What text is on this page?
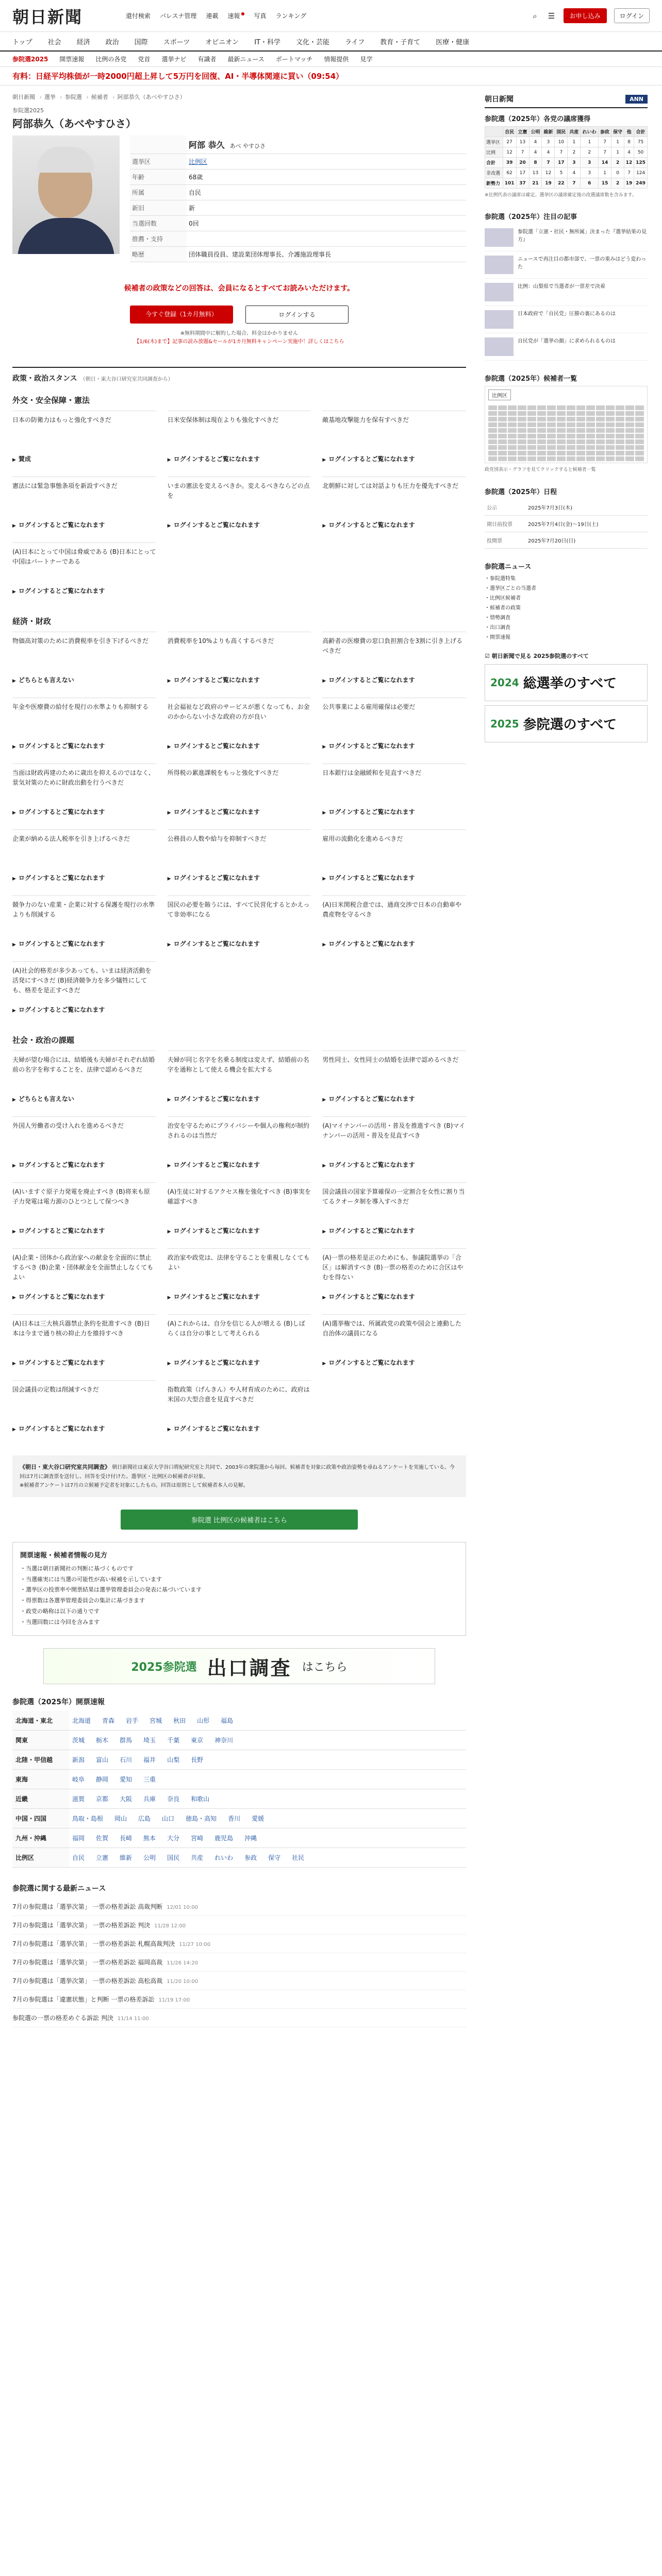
朝日新聞	還付検索 パレスナ管理 連載 速報 ●	写真 ランキング	⌕	☰	お申し込み	ログイン
トップ 社会 経済 政治 国際 スポーツ オピニオン IT・科学 文化・芸能 ライフ 教育・子育て 医療・健康
参院選2025 開票速報 比例の各党 党首 選挙ナビ 有識者 最新ニュース ボートマッチ 情報提供 見学
有料：日経平均株価が一時2000円超上昇して5万円を回復、AI・半導体関連に買い（09:54）
朝日新聞 › 選挙 › 参院選 › 候補者 › 阿部恭久（あべやすひさ）
参院選2025
阿部恭久（あべやすひさ）
	阿部 恭久 あべ やすひさ
選挙区	比例区
年齢	68歳
所属	自民
新旧	新
当選回数	0回
推薦・支持	
略歴	団体職員役員、建設業団体理事長、介護施設理事長
候補者の政策などの回答は、会員になるとすべてお読みいただけます。
今すぐ登録（1カ月無料）	ログインする
※無料期間中に解約した場合、料金はかかりません
【1/6(木)まで】記事の読み放題&セールが1カ月無料キャンペーン実施中！詳しくはこちら
政策・政治スタンス （朝日・東大谷口研究室共同調査から）
外交・安全保障・憲法
日本の防衛力はもっと強化すべきだ
▶ 賛成
日米安保体制は現在よりも強化すべきだ
▶ ログインするとご覧になれます
敵基地攻撃能力を保有すべきだ
▶ ログインするとご覧になれます
憲法には緊急事態条項を新設すべきだ
▶ ログインするとご覧になれます
いまの憲法を変えるべきか。変えるべきならどの点を
▶ ログインするとご覧になれます
北朝鮮に対しては対話よりも圧力を優先すべきだ
▶ ログインするとご覧になれます
(A)日本にとって中国は脅威である (B)日本にとって中国はパートナーである
▶ ログインするとご覧になれます
経済・財政
物価高対策のために消費税率を引き下げるべきだ
▶ どちらとも言えない
消費税率を10%よりも高くするべきだ
▶ ログインするとご覧になれます
高齢者の医療費の窓口負担割合を3割に引き上げるべきだ
▶ ログインするとご覧になれます
年金や医療費の給付を現行の水準よりも抑制する
▶ ログインするとご覧になれます
社会福祉など政府のサービスが悪くなっても、お金のかからない小さな政府の方が良い
▶ ログインするとご覧になれます
公共事業による雇用確保は必要だ
▶ ログインするとご覧になれます
当面は財政再建のために歳出を抑えるのではなく、景気対策のために財政出動を行うべきだ
▶ ログインするとご覧になれます
所得税の累進課税をもっと強化すべきだ
▶ ログインするとご覧になれます
日本銀行は金融緩和を見直すべきだ
▶ ログインするとご覧になれます
企業が納める法人税率を引き上げるべきだ
▶ ログインするとご覧になれます
公務員の人数や給与を抑制すべきだ
▶ ログインするとご覧になれます
雇用の流動化を進めるべきだ
▶ ログインするとご覧になれます
競争力のない産業・企業に対する保護を現行の水準よりも削減する
▶ ログインするとご覧になれます
国民の必要を賄うには、すべて民営化するとかえって非効率になる
▶ ログインするとご覧になれます
(A)日米関税合意では、通商交渉で日本の自動車や農産物を守るべき
▶ ログインするとご覧になれます
(A)社会的格差が多少あっても、いまは経済活動を活発にすべきだ (B)経済競争力を多少犠牲にしても、格差を是正すべきだ
▶ ログインするとご覧になれます
社会・政治の課題
夫婦が望む場合には、結婚後も夫婦がそれぞれ結婚前の名字を称することを、法律で認めるべきだ
▶ どちらとも言えない
夫婦が同じ名字を名乗る制度は変えず、結婚前の名字を通称として使える機会を拡大する
▶ ログインするとご覧になれます
男性同士、女性同士の結婚を法律で認めるべきだ
▶ ログインするとご覧になれます
外国人労働者の受け入れを進めるべきだ
▶ ログインするとご覧になれます
治安を守るためにプライバシーや個人の権利が制約されるのは当然だ
▶ ログインするとご覧になれます
(A)マイナンバーの活用・普及を推進すべき (B)マイナンバーの活用・普及を見直すべき
▶ ログインするとご覧になれます
(A)いますぐ原子力発電を廃止すべき (B)将来も原子力発電は電力源のひとつとして保つべき
▶ ログインするとご覧になれます
(A)生徒に対するアクセス権を強化すべき (B)事実を確認すべき
▶ ログインするとご覧になれます
国会議員の国家予算確保の一定割合を女性に割り当てるクオータ制を導入すべきだ
▶ ログインするとご覧になれます
(A)企業・団体から政治家への献金を全面的に禁止するべき (B)企業・団体献金を全面禁止しなくてもよい
▶ ログインするとご覧になれます
政治家や政党は、法律を守ることを重視しなくてもよい
▶ ログインするとご覧になれます
(A)一票の格差是正のためにも、参議院選挙の「合区」は解消すべき (B)一票の格差のために合区はやむを得ない
▶ ログインするとご覧になれます
(A)日本は三大核兵器禁止条約を批准すべき (B)日本は今まで通り核の抑止力を維持すべき
▶ ログインするとご覧になれます
(A)これからは、自分を信じる人が増える (B)しばらくは自分の事として考えられる
▶ ログインするとご覧になれます
(A)選挙権では、所属政党の政策や国会と連動した自治体の議員になる
▶ ログインするとご覧になれます
国会議員の定数は削減すべきだ
▶ ログインするとご覧になれます
指数政策（げんきん）や人材育成のために、政府は米国の大型合意を見直すべきだ
▶ ログインするとご覧になれます
《朝日・東大谷口研究室共同調査》 朝日新聞社は東京大学谷口将紀研究室と共同で、2003年の衆院選から毎回、候補者を対象に政策や政治姿勢を尋ねるアンケートを実施している。今回は7月に調査票を送付し、回答を受け付けた。選挙区・比例区の候補者が対象。
※候補者アンケートは7月の立候補予定者を対象にしたもの。回答は原則として候補者本人の見解。
参院選 比例区の候補者はこちら
開票速報・候補者情報の見方
・ 当選は朝日新聞社の判断に基づくものです
・ 当選確実には当選の可能性が高い候補を示しています
・ 選挙区の投票率や開票結果は選挙管理委員会の発表に基づいています
・ 得票数は各選挙管理委員会の集計に基づきます
・ 政党の略称は以下の通りです
・ 当選回数には今回を含みます
2025参院選 出口調査 はこちら
参院選（2025年）開票速報
北海道・東北	北海道 青森 岩手 宮城 秋田 山形 福島
関東	茨城 栃木 群馬 埼玉 千葉 東京 神奈川
北陸・甲信越	新潟 富山 石川 福井 山梨 長野
東海	岐阜 静岡 愛知 三重
近畿	滋賀 京都 大阪 兵庫 奈良 和歌山
中国・四国	鳥取・島根 岡山 広島 山口 徳島・高知 香川 愛媛
九州・沖縄	福岡 佐賀 長崎 熊本 大分 宮崎 鹿児島 沖縄
比例区	自民 立憲 維新 公明 国民 共産 れいわ 参政 保守 社民
参院選に関する最新ニュース
7月の参院選は「選挙次第」 一票の格差訴訟 高裁判断 12/01 10:00
7月の参院選は「選挙次第」 一票の格差訴訟 判決 11/28 12:00
7月の参院選は「選挙次第」 一票の格差訴訟 札幌高裁判決 11/27 10:00
7月の参院選は「選挙次第」 一票の格差訴訟 福岡高裁 11/26 14:20
7月の参院選は「選挙次第」 一票の格差訴訟 高松高裁 11/20 10:00
7月の参院選は「違憲状態」と判断 一票の格差訴訟 11/19 17:00
参院選の一票の格差めぐる訴訟 判決 11/14 11:00
朝日新聞	ANN
参院選（2025年）各党の議席獲得
	自民	立憲	公明	維新	国民	共産	れいわ	参政	保守	他	合計
選挙区	27	13	4	3	10	1	1	7	1	8	75
比例	12	7	4	4	7	2	2	7	1	4	50
合計	39	20	8	7	17	3	3	14	2	12	125
非改選	62	17	13	12	5	4	3	1	0	7	124
新勢力	101	37	21	19	22	7	6	15	2	19	249
※比例代表の議席は確定。選挙区の議席確定後の改選議席数を含みます。
参院選（2025年）注目の記事
参院選「立憲・社民・無所属」決まった『選挙結果の見方』
ニュースで再注目の都市部で、一票の重みはどう変わった
比例：山梨県で当選者が一票差で決着
日本政府で「自民党」圧勝の裏にあるのは
自民党が「選挙の顔」に求められるものは
参院選（2025年）候補者一覧
比例区
政党別表示・グラフを見てクリックすると候補者一覧
参院選（2025年）日程
公示	2025年7月3日(木)
期日前投票	2025年7月4日(金)〜19日(土)
投開票	2025年7月20日(日)
参院選ニュース
・ 参院選特集
・ 選挙区ごとの当選者
・ 比例区候補者
・ 候補者の政策
・ 情勢調査
・ 出口調査
・ 開票速報
☑ 朝日新聞で見る 2025参院選のすべて
2024 総選挙のすべて
2025 参院選のすべて
